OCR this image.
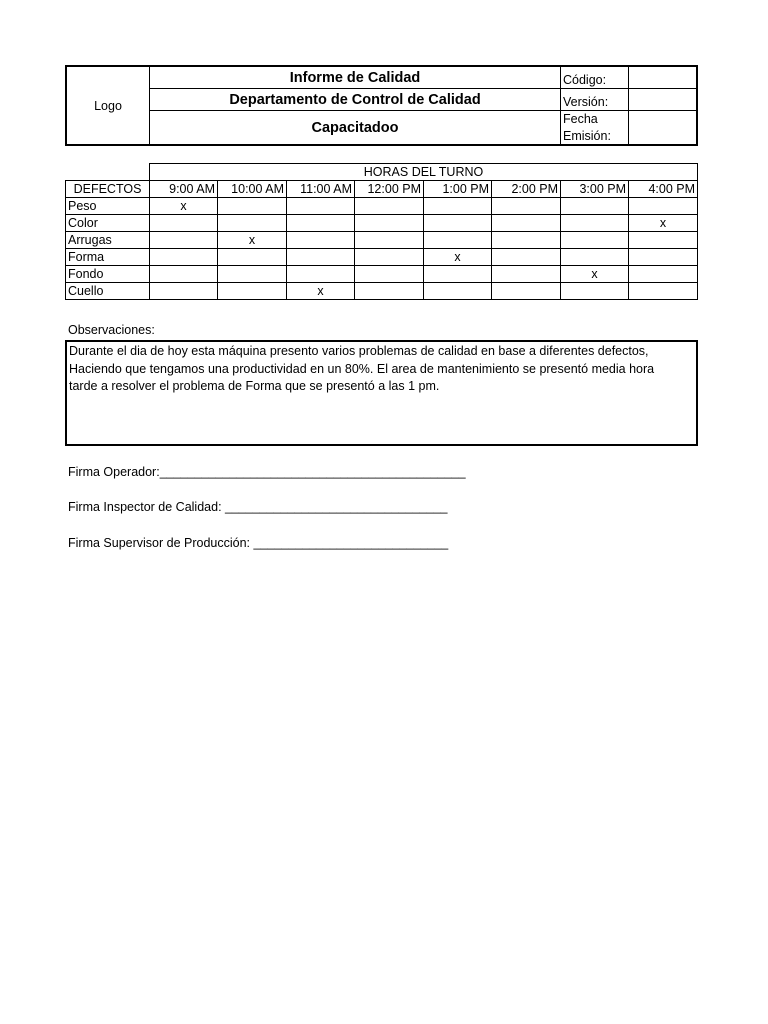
Logo
Informe de Calidad
Departamento de Control de Calidad
Capacitadoo
Código:
Versión:
Fecha
Emisión:
	HORAS DEL TURNO							
DEFECTOS	9:00 AM	10:00 AM	11:00 AM	12:00 PM	1:00 PM	2:00 PM	3:00 PM	4:00 PM
Peso	x							
Color								x
Arrugas		x						
Forma					x			
Fondo							x	
Cuello			x					
Observaciones:
Durante el dia de hoy esta máquina presento varios problemas de calidad en base a diferentes defectos,
Haciendo que tengamos una productividad en un 80%. El area de mantenimiento se presentó media hora
tarde a resolver el problema de Forma que se presentó a las 1 pm.
Firma Operador:____________________________________________
Firma Inspector de Calidad: ________________________________
Firma Supervisor de Producción: ____________________________
